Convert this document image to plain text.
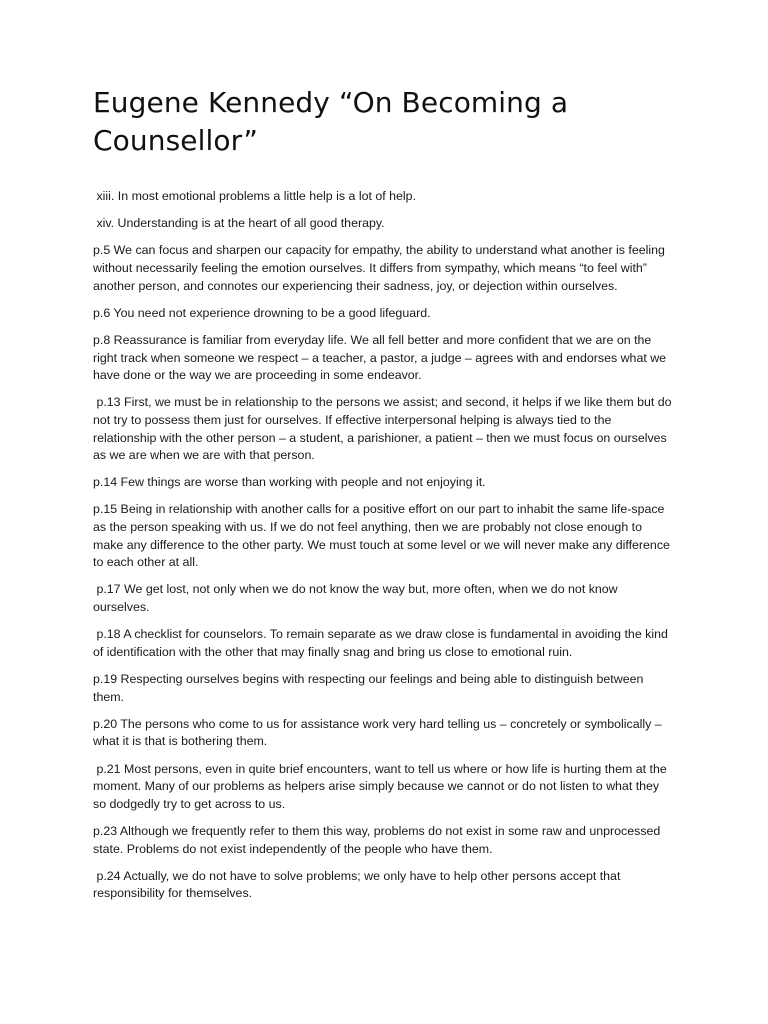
Eugene Kennedy “On Becoming a Counsellor”

xiii. In most emotional problems a little help is a lot of help.

xiv. Understanding is at the heart of all good therapy.

p.5 We can focus and sharpen our capacity for empathy, the ability to understand what another is feeling without necessarily feeling the emotion ourselves. It differs from sympathy, which means “to feel with” another person, and connotes our experiencing their sadness, joy, or dejection within ourselves.

p.6 You need not experience drowning to be a good lifeguard.

p.8 Reassurance is familiar from everyday life. We all fell better and more confident that we are on the right track when someone we respect – a teacher, a pastor, a judge – agrees with and endorses what we have done or the way we are proceeding in some endeavor.

p.13 First, we must be in relationship to the persons we assist; and second, it helps if we like them but do not try to possess them just for ourselves. If effective interpersonal helping is always tied to the relationship with the other person – a student, a parishioner, a patient – then we must focus on ourselves as we are when we are with that person.

p.14 Few things are worse than working with people and not enjoying it.

p.15 Being in relationship with another calls for a positive effort on our part to inhabit the same life-space as the person speaking with us. If we do not feel anything, then we are probably not close enough to make any difference to the other party. We must touch at some level or we will never make any difference to each other at all.

p.17 We get lost, not only when we do not know the way but, more often, when we do not know ourselves.

p.18 A checklist for counselors. To remain separate as we draw close is fundamental in avoiding the kind of identification with the other that may finally snag and bring us close to emotional ruin.

p.19 Respecting ourselves begins with respecting our feelings and being able to distinguish between them.

p.20 The persons who come to us for assistance work very hard telling us – concretely or symbolically – what it is that is bothering them.

p.21 Most persons, even in quite brief encounters, want to tell us where or how life is hurting them at the moment. Many of our problems as helpers arise simply because we cannot or do not listen to what they so dodgedly try to get across to us.

p.23 Although we frequently refer to them this way, problems do not exist in some raw and unprocessed state. Problems do not exist independently of the people who have them.

p.24 Actually, we do not have to solve problems; we only have to help other persons accept that responsibility for themselves.
